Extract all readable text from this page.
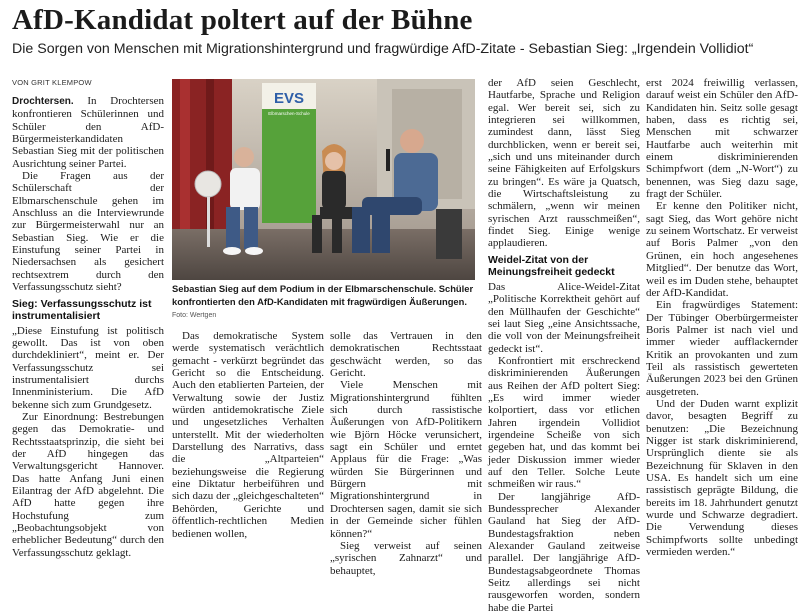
AfD-Kandidat poltert auf der Bühne
Die Sorgen von Menschen mit Migrationshintergrund und fragwürdige AfD-Zitate - Sebastian Sieg: „Irgendein Vollidiot“
VON GRIT KLEMPOW

Drochtersen. In Drochtersen konfrontieren Schülerinnen und Schüler den AfD-Bürgermeisterkandidaten Sebastian Sieg mit der politischen Ausrichtung seiner Partei.

Die Fragen aus der Schülerschaft der Elbmarschenschule gehen im Anschluss an die Interviewrunde zur Bürgermeisterwahl nur an Sebastian Sieg. Wie er die Einstufung seiner Partei in Niedersachsen als gesichert rechtsextrem durch den Verfassungsschutz sieht?

Sieg: Verfassungsschutz ist instrumentalisiert

„Diese Einstufung ist politisch gewollt. Das ist von oben durchdekliniert“, meint er. Der Verfassungsschutz sei instrumentalisiert durchs Innenministerium. Die AfD bekenne sich zum Grundgesetz.

Zur Einordnung: Bestrebungen gegen das Demokratie- und Rechtsstaatsprinzip, die sieht bei der AfD hingegen das Verwaltungsgericht Hannover. Das hatte Anfang Juni einen Eilantrag der AfD abgelehnt. Die AfD hatte gegen ihre Hochstufung zum „Beobachtungsobjekt von erheblicher Bedeutung“ durch den Verfassungsschutz geklagt.

EVS
Elbmarschen-Schule
Sebastian Sieg auf dem Podium in der Elbmarschenschule. Schüler konfrontierten den AfD-Kandidaten mit fragwürdigen Äußerungen. Foto: Wertgen

Das demokratische System werde systematisch verächtlich gemacht - verkürzt begründet das Gericht so die Entscheidung. Auch den etablierten Parteien, der Verwaltung sowie der Justiz würden antidemokratische Ziele und ungesetzliches Verhalten unterstellt. Mit der wiederholten Darstellung des Narrativs, dass die „Altparteien“ beziehungsweise die Regierung eine Diktatur herbeiführen und sich dazu der „gleichgeschalteten“ Behörden, Gerichte und öffentlich-rechtlichen Medien bedienen wollen,

solle das Vertrauen in den demokratischen Rechtsstaat geschwächt werden, so das Gericht.

Viele Menschen mit Migrationshintergrund fühlten sich durch rassistische Äußerungen von AfD-Politikern wie Björn Höcke verunsichert, sagt ein Schüler und erntet Applaus für die Frage: „Was würden Sie Bürgerinnen und Bürgern mit Migrationshintergrund in Drochtersen sagen, damit sie sich in der Gemeinde sicher fühlen können?“

Sieg verweist auf seinen „syrischen Zahnarzt“ und behauptet,

der AfD seien Geschlecht, Hautfarbe, Sprache und Religion egal. Wer bereit sei, sich zu integrieren sei willkommen, zumindest dann, lässt Sieg durchblicken, wenn er bereit sei, „sich und uns miteinander durch seine Fähigkeiten auf Erfolgskurs zu bringen“. Es wäre ja Quatsch, die Wirtschaftsleistung zu schmälern, „wenn wir meinen syrischen Arzt rausschmeißen“, findet Sieg. Einige wenige applaudieren.

Weidel-Zitat von der Meinungsfreiheit gedeckt

Das Alice-Weidel-Zitat „Politische Korrektheit gehört auf den Müllhaufen der Geschichte“ sei laut Sieg „eine Ansichtssache, die voll von der Meinungsfreiheit gedeckt ist“.

Konfrontiert mit erschreckend diskriminierenden Äußerungen aus Reihen der AfD poltert Sieg: „Es wird immer wieder kolportiert, dass vor etlichen Jahren irgendein Vollidiot irgendeine Scheiße von sich gegeben hat, und das kommt bei jeder Diskussion immer wieder auf den Teller. Solche Leute schmeißen wir raus.“

Der langjährige AfD-Bundessprecher Alexander Gauland hat Sieg der AfD-Bundestagsfraktion neben Alexander Gauland zeitweise parallel. Der langjährige AfD-Bundestagsabgeordnete Thomas Seitz allerdings sei nicht rausgeworfen worden, sondern habe die Partei

erst 2024 freiwillig verlassen, darauf weist ein Schüler den AfD-Kandidaten hin. Seitz solle gesagt haben, dass es richtig sei, Menschen mit schwarzer Hautfarbe auch weiterhin mit einem diskriminierenden Schimpfwort (dem „N-Wort“) zu benennen, was Sieg dazu sage, fragt der Schüler.

Er kenne den Politiker nicht, sagt Sieg, das Wort gehöre nicht zu seinem Wortschatz. Er verweist auf Boris Palmer „von den Grünen, ein hoch angesehenes Mitglied“. Der benutze das Wort, weil es im Duden stehe, behauptet der AfD-Kandidat.

Ein fragwürdiges Statement: Der Tübinger Oberbürgermeister Boris Palmer ist nach viel und immer wieder aufflackernder Kritik an provokanten und zum Teil als rassistisch gewerteten Äußerungen 2023 bei den Grünen ausgetreten.

Und der Duden warnt explizit davor, besagten Begriff zu benutzen: „Die Bezeichnung Nigger ist stark diskriminierend, Ursprünglich diente sie als Bezeichnung für Sklaven in den USA. Es handelt sich um eine rassistisch geprägte Bildung, die bereits im 18. Jahrhundert genutzt wurde und Schwarze degradiert. Die Verwendung dieses Schimpfworts sollte unbedingt vermieden werden.“
